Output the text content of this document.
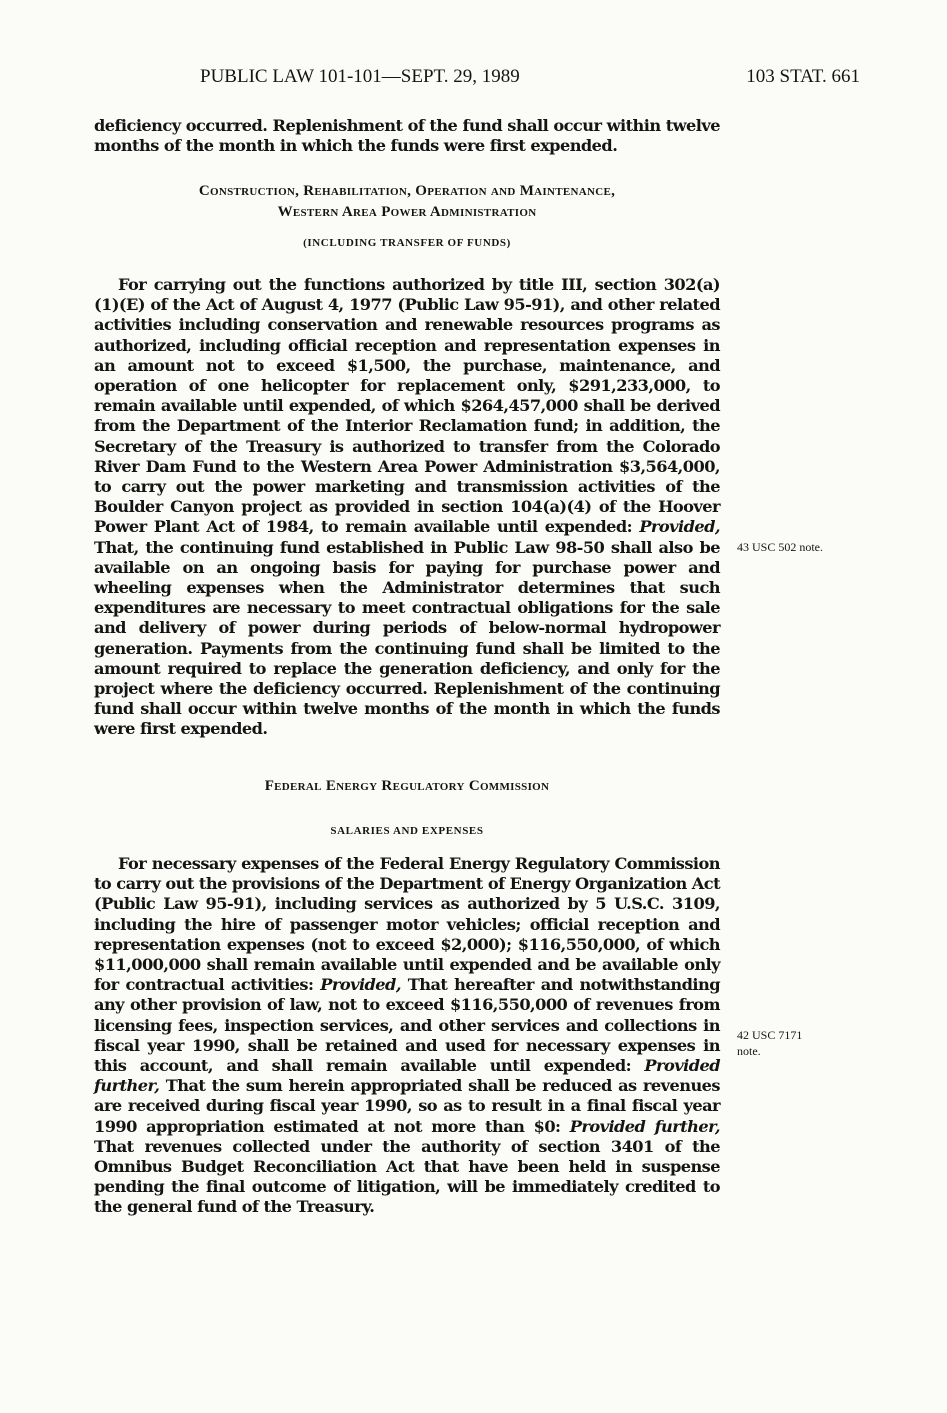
PUBLIC LAW 101-101—SEPT. 29, 1989	103 STAT. 661

deficiency occurred. Replenishment of the fund shall occur within twelve months of the month in which the funds were first expended.

Construction, Rehabilitation, Operation and Maintenance,
Western Area Power Administration

(INCLUDING TRANSFER OF FUNDS)

For carrying out the functions authorized by title III, section 302(a)(1)(E) of the Act of August 4, 1977 (Public Law 95-91), and other related activities including conservation and renewable resources programs as authorized, including official reception and representation expenses in an amount not to exceed $1,500, the purchase, maintenance, and operation of one helicopter for replacement only, $291,233,000, to remain available until expended, of which $264,457,000 shall be derived from the Department of the Interior Reclamation fund; in addition, the Secretary of the Treasury is authorized to transfer from the Colorado River Dam Fund to the Western Area Power Administration $3,564,000, to carry out the power marketing and transmission activities of the Boulder Canyon project as provided in section 104(a)(4) of the Hoover Power Plant Act of 1984, to remain available until expended: Provided, That, the continuing fund established in Public Law 98-50 shall also be available on an ongoing basis for paying for purchase power and wheeling expenses when the Administrator determines that such expenditures are necessary to meet contractual obligations for the sale and delivery of power during periods of below-normal hydropower generation. Payments from the continuing fund shall be limited to the amount required to replace the generation deficiency, and only for the project where the deficiency occurred. Replenishment of the continuing fund shall occur within twelve months of the month in which the funds were first expended.

43 USC 502 note.

Federal Energy Regulatory Commission

SALARIES AND EXPENSES

For necessary expenses of the Federal Energy Regulatory Commission to carry out the provisions of the Department of Energy Organization Act (Public Law 95-91), including services as authorized by 5 U.S.C. 3109, including the hire of passenger motor vehicles; official reception and representation expenses (not to exceed $2,000); $116,550,000, of which $11,000,000 shall remain available until expended and be available only for contractual activities: Provided, That hereafter and notwithstanding any other provision of law, not to exceed $116,550,000 of revenues from licensing fees, inspection services, and other services and collections in fiscal year 1990, shall be retained and used for necessary expenses in this account, and shall remain available until expended: Provided further, That the sum herein appropriated shall be reduced as revenues are received during fiscal year 1990, so as to result in a final fiscal year 1990 appropriation estimated at not more than $0: Provided further, That revenues collected under the authority of section 3401 of the Omnibus Budget Reconciliation Act that have been held in suspense pending the final outcome of litigation, will be immediately credited to the general fund of the Treasury.

42 USC 7171
note.
